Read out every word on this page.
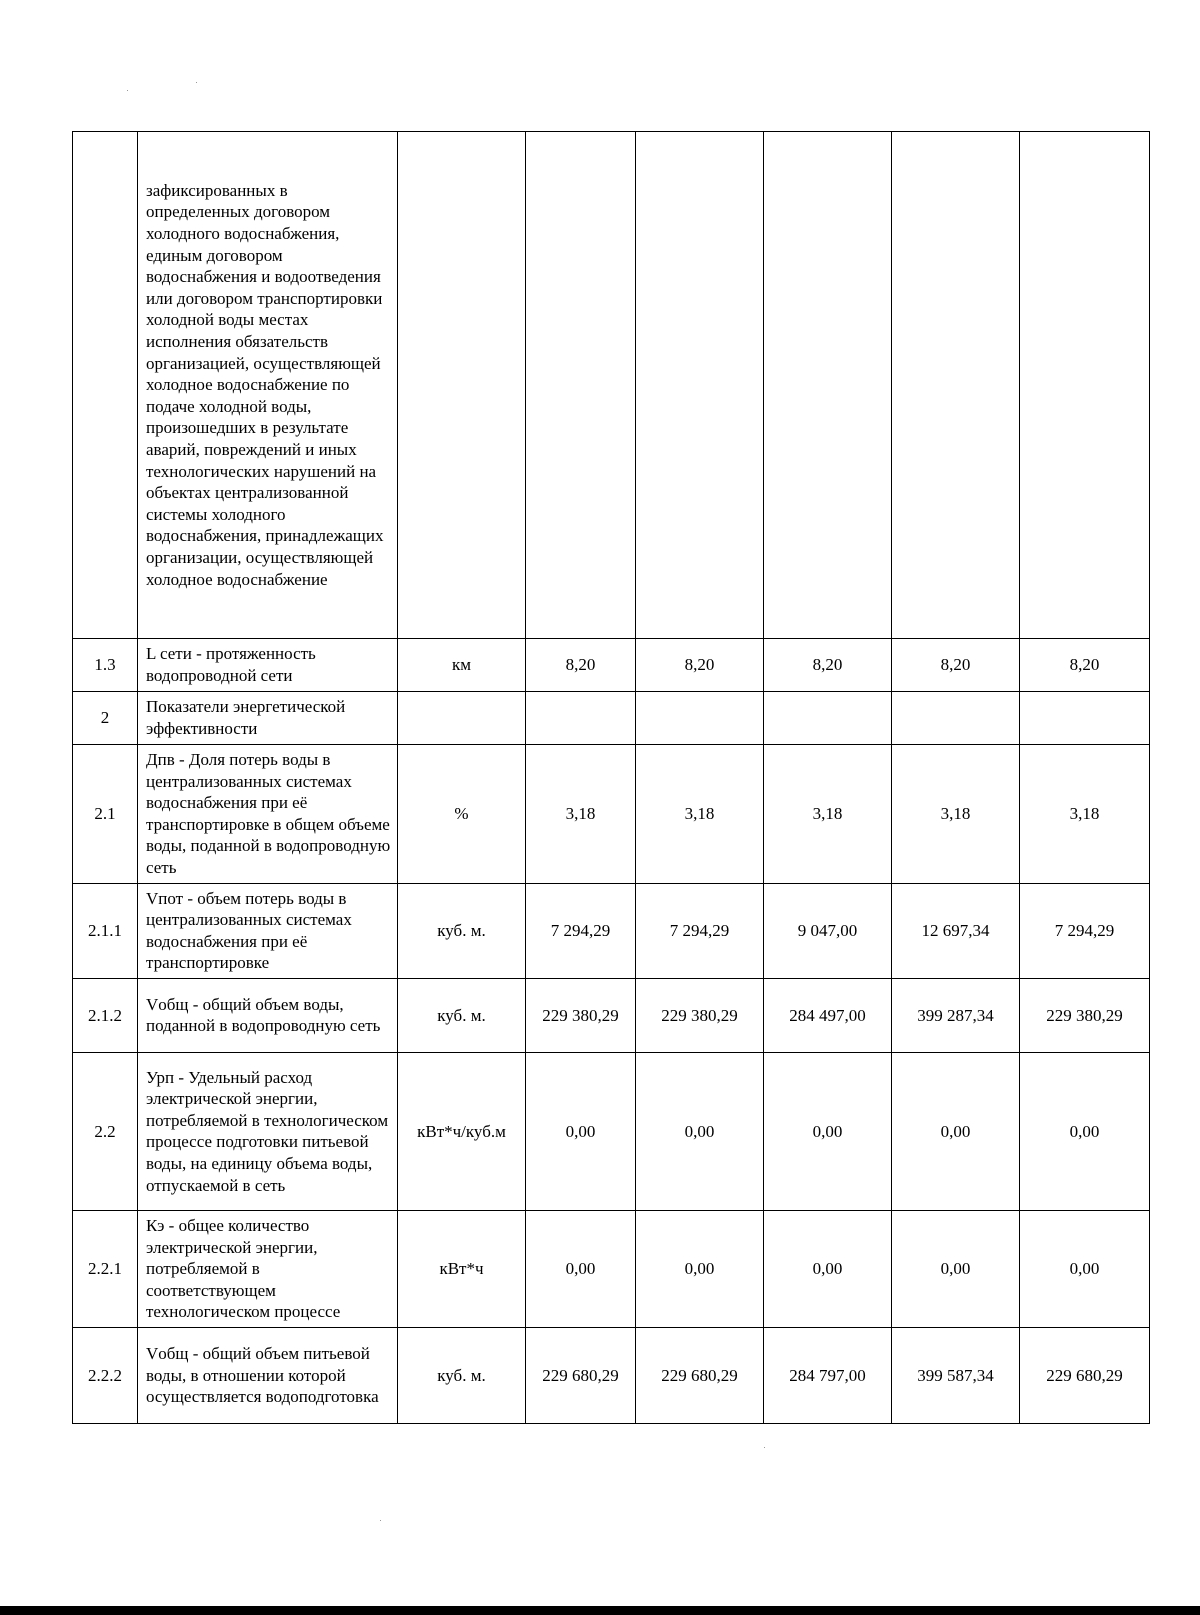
	зафиксированных в определенных договором холодного водоснабжения, единым договором водоснабжения и водоотведения или договором транспортировки холодной воды местах исполнения обязательств организацией, осуществляющей холодное водоснабжение по подаче холодной воды, произошедших в результате аварий, повреждений и иных технологических нарушений на объектах централизованной системы холодного водоснабжения, принадлежащих организации, осуществляющей холодное водоснабжение						
1.3	L сети - протяженность водопроводной сети	км	8,20	8,20	8,20	8,20	8,20
2	Показатели энергетической эффективности						
2.1	Дпв - Доля потерь воды в централизованных системах водоснабжения при её транспортировке в общем объеме воды, поданной в водопроводную сеть	%	3,18	3,18	3,18	3,18	3,18
2.1.1	Vпот - объем потерь воды в централизованных системах водоснабжения при её транспортировке	куб. м.	7 294,29	7 294,29	9 047,00	12 697,34	7 294,29
2.1.2	Vобщ - общий объем воды, поданной в водопроводную сеть	куб. м.	229 380,29	229 380,29	284 497,00	399 287,34	229 380,29
2.2	Урп - Удельный расход электрической энергии, потребляемой в технологическом процессе подготовки питьевой воды, на единицу объема воды, отпускаемой в сеть	кВт*ч/куб.м	0,00	0,00	0,00	0,00	0,00
2.2.1	Кэ - общее количество электрической энергии, потребляемой в соответствующем технологическом процессе	кВт*ч	0,00	0,00	0,00	0,00	0,00
2.2.2	Vобщ - общий объем питьевой воды, в отношении которой осуществляется водоподготовка	куб. м.	229 680,29	229 680,29	284 797,00	399 587,34	229 680,29
